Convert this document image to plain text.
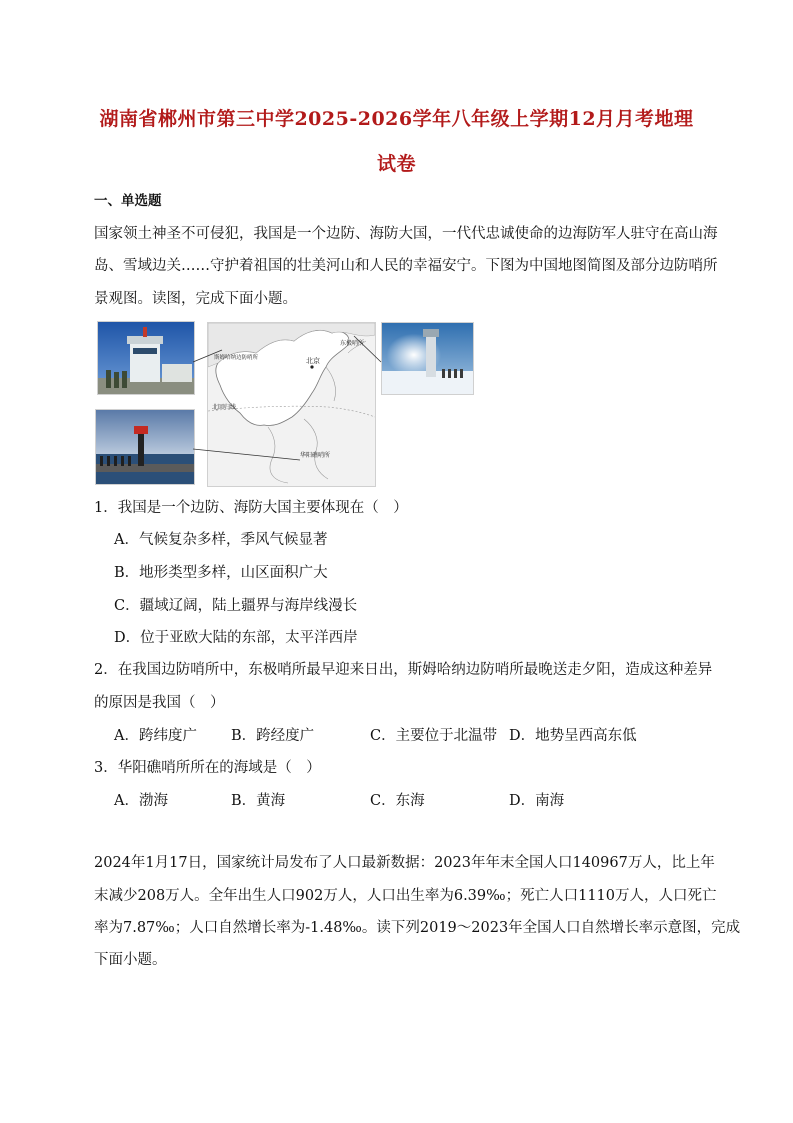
湖南省郴州市第三中学2025-2026学年八年级上学期12月月考地理
试卷
一、单选题
国家领土神圣不可侵犯，我国是一个边防、海防大国，一代代忠诚使命的边海防军人驻守在高山海
岛、雪域边关……守护着祖国的壮美河山和人民的幸福安宁。下图为中国地图简图及部分边防哨所
景观图。读图，完成下面小题。
北京
东极哨所
斯姆哈纳边防哨所
北回归线
华阳礁哨所
1．我国是一个边防、海防大国主要体现在（　）
A．气候复杂多样，季风气候显著
B．地形类型多样，山区面积广大
C．疆域辽阔，陆上疆界与海岸线漫长
D．位于亚欧大陆的东部，太平洋西岸
2．在我国边防哨所中，东极哨所最早迎来日出，斯姆哈纳边防哨所最晚送走夕阳，造成这种差异
的原因是我国（　）
A．跨纬度广 B．跨经度广	C．主要位于北温带 D．地势呈西高东低
3．华阳礁哨所所在的海域是（　）
A．渤海	B．黄海	C．东海	D．南海
2024年1月17日，国家统计局发布了人口最新数据：2023年年末全国人口140967万人，比上年
末减少208万人。全年出生人口902万人，人口出生率为6.39‰；死亡人口1110万人，人口死亡
率为7.87‰；人口自然增长率为-1.48‰。读下列2019～2023年全国人口自然增长率示意图，完成
下面小题。
